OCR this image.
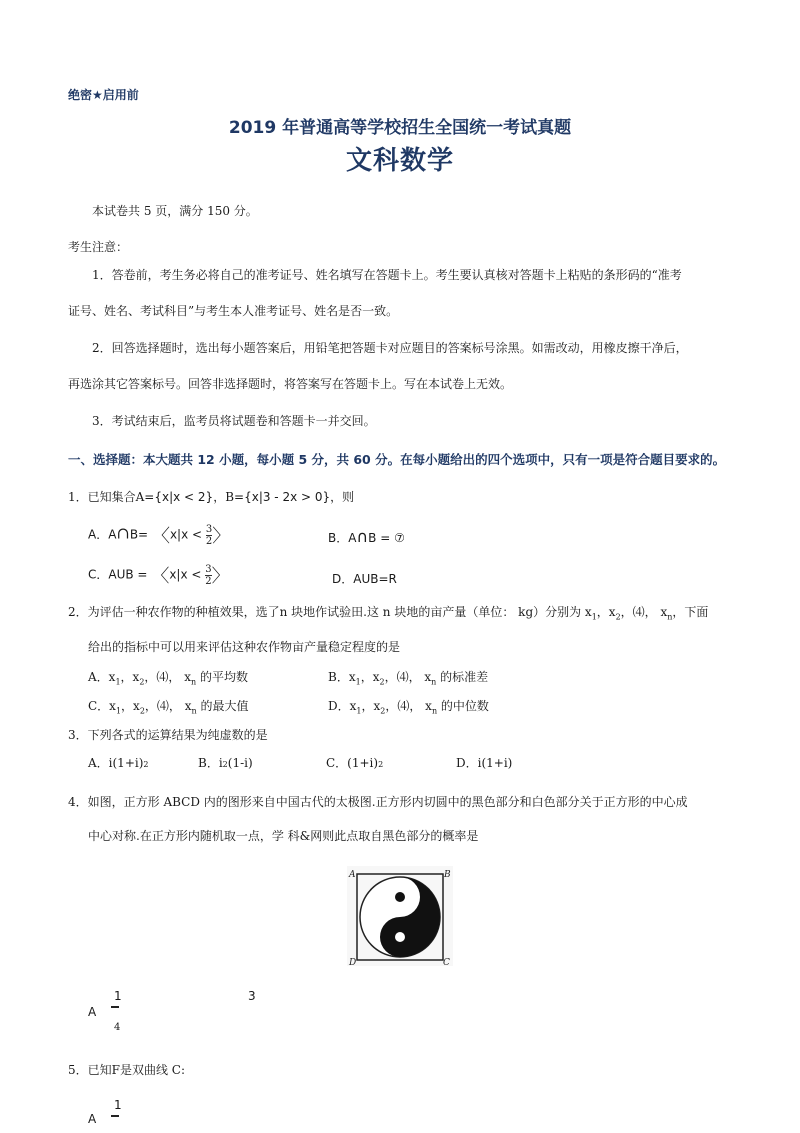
绝密★启用前
2019 年普通高等学校招生全国统一考试真题
文科数学
本试卷共 5 页，满分 150 分。
考生注意：
1．答卷前，考生务必将自己的准考证号、姓名填写在答题卡上。考生要认真核对答题卡上粘贴的条形码的“准考
证号、姓名、考试科目”与考生本人准考证号、姓名是否一致。
2．回答选择题时，选出每小题答案后，用铅笔把答题卡对应题目的答案标号涂黑。如需改动，用橡皮擦干净后，
再选涂其它答案标号。回答非选择题时，将答案写在答题卡上。写在本试卷上无效。
3．考试结束后，监考员将试题卷和答题卡一并交回。
一、选择题：本大题共 12 小题，每小题 5 分，共 60 分。在每小题给出的四个选项中，只有一项是符合题目要求的。
1．已知集合A={x|x < 2}，B={x|3 - 2x > 0}，则
A．A∩B= 〈$x|x < \frac{3}{2}$ 〉	B．A∩B = ⑦
C．AUB = 〈$x|x < \frac{3}{2}$ 〉	D．AUB=R
2．为评估一种农作物的种植效果，选了n 块地作试验田.这 n 块地的亩产量（单位： kg）分别为 $x_1$，$x_2$，⑷， $x_n$，下面
给出的指标中可以用来评估这种农作物亩产量稳定程度的是
A．$x_1$，$x_2$，⑷， $x_n$ 的平均数	B．$x_1$，$x_2$，⑷， $x_n$ 的标准差
C．$x_1$，$x_2$，⑷， $x_n$ 的最大值	D．$x_1$，$x_2$，⑷， $x_n$ 的中位数
3．下列各式的运算结果为纯虚数的是
A．i(1+i)2	B．i2(1-i)	C．(1+i)2	D．i(1+i)
4．如图，正方形 ABCD 内的图形来自中国古代的太极图.正方形内切圆中的黑色部分和白色部分关于正方形的中心成
中心对称.在正方形内随机取一点，学 科&网则此点取自黑色部分的概率是
A	B
C
D
1
A
4
3
5．已知F是双曲线 C:
1
A
